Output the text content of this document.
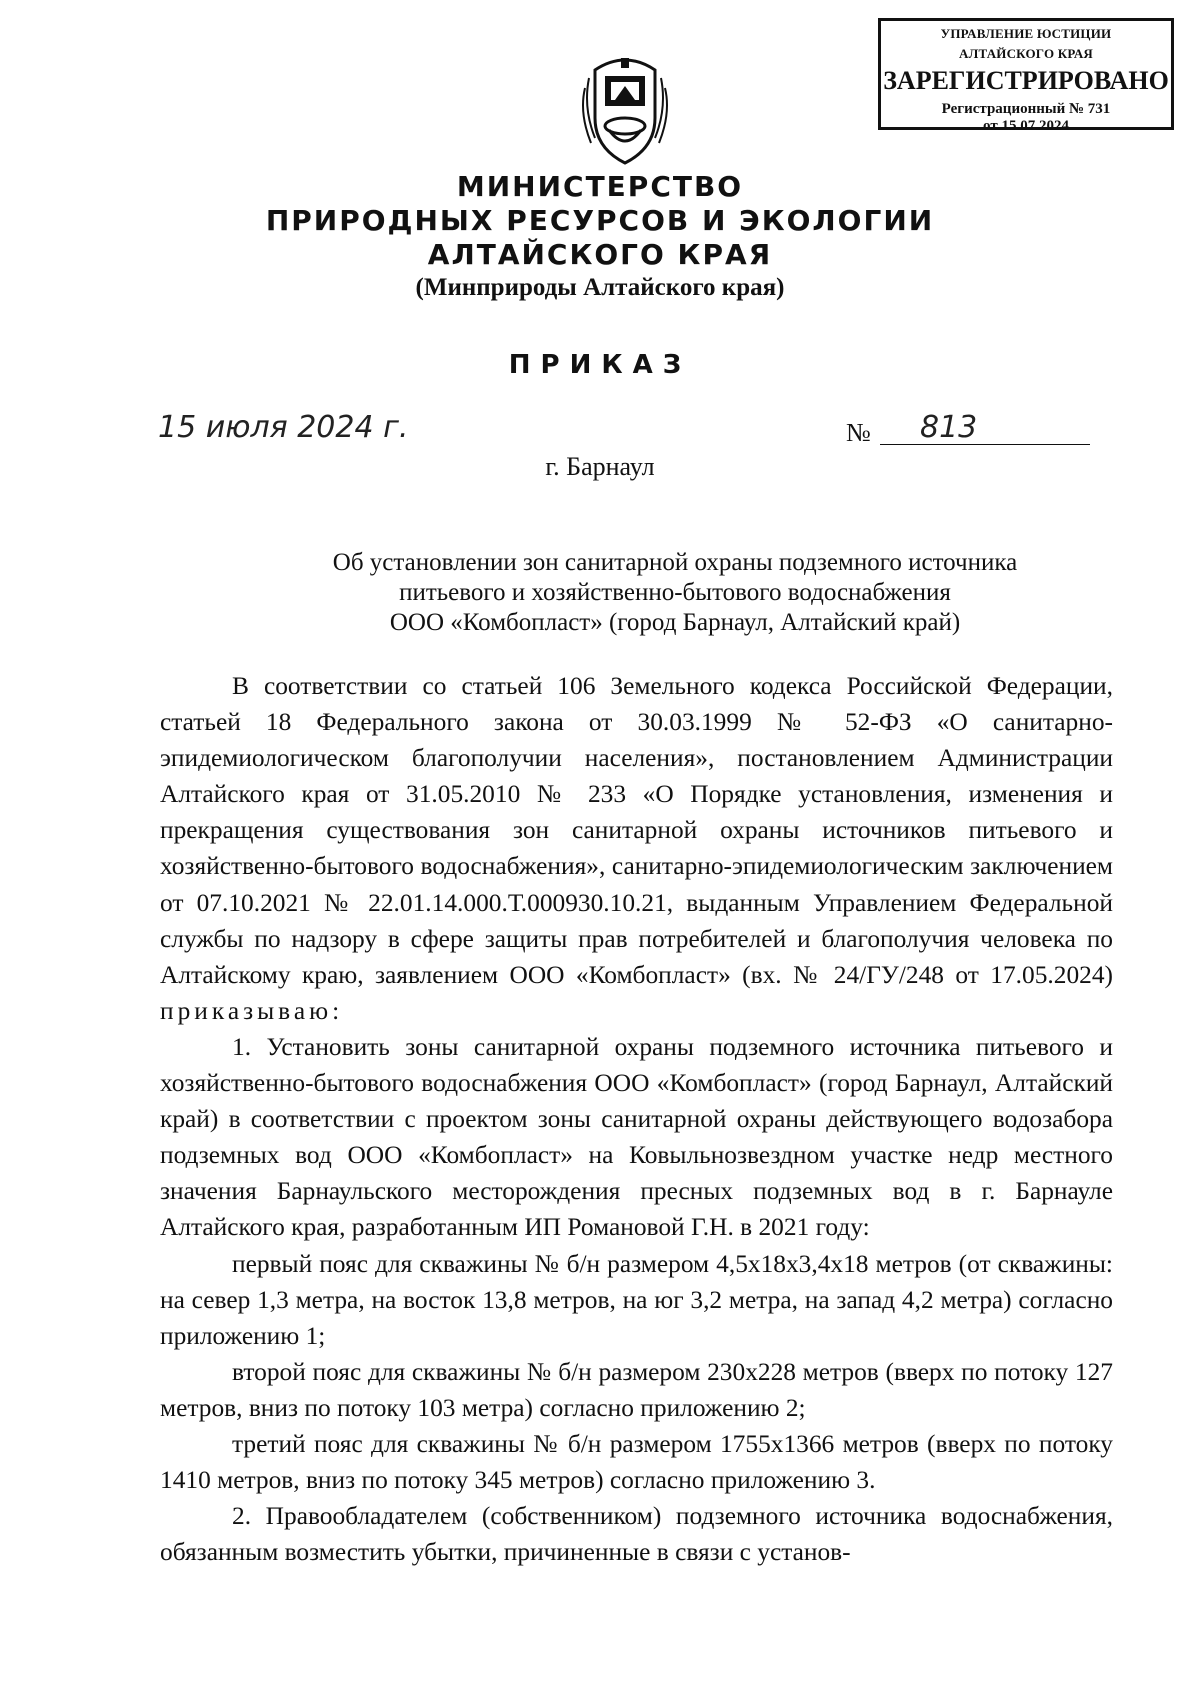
УПРАВЛЕНИЕ ЮСТИЦИИ
АЛТАЙСКОГО КРАЯ
ЗАРЕГИСТРИРОВАНО
Регистрационный № 731
от 15.07.2024
МИНИСТЕРСТВО
ПРИРОДНЫХ РЕСУРСОВ И ЭКОЛОГИИ
АЛТАЙСКОГО КРАЯ
(Минприроды Алтайского края)
ПРИКАЗ
15 июля 2024 г.	№ 813
г. Барнаул
Об установлении зон санитарной охраны подземного источника
питьевого и хозяйственно-бытового водоснабжения
ООО «Комбопласт» (город Барнаул, Алтайский край)

В соответствии со статьей 106 Земельного кодекса Российской Федерации, статьей 18 Федерального закона от 30.03.1999 № 52-ФЗ «О санитарно-эпидемиологическом благополучии населения», постановлением Администрации Алтайского края от 31.05.2010 № 233 «О Порядке установления, изменения и прекращения существования зон санитарной охраны источников питьевого и хозяйственно-бытового водоснабжения», санитарно-эпидемиологическим заключением от 07.10.2021 № 22.01.14.000.Т.000930.10.21, выданным Управлением Федеральной службы по надзору в сфере защиты прав потребителей и благополучия человека по Алтайскому краю, заявлением ООО «Комбопласт» (вх. № 24/ГУ/248 от 17.05.2024) приказываю:

1. Установить зоны санитарной охраны подземного источника питьевого и хозяйственно-бытового водоснабжения ООО «Комбопласт» (город Барнаул, Алтайский край) в соответствии с проектом зоны санитарной охраны действующего водозабора подземных вод ООО «Комбопласт» на Ковыльнозвездном участке недр местного значения Барнаульского месторождения пресных подземных вод в г. Барнауле Алтайского края, разработанным ИП Романовой Г.Н. в 2021 году:

первый пояс для скважины № б/н размером 4,5х18х3,4х18 метров (от скважины: на север 1,3 метра, на восток 13,8 метров, на юг 3,2 метра, на запад 4,2 метра) согласно приложению 1;

второй пояс для скважины № б/н размером 230х228 метров (вверх по потоку 127 метров, вниз по потоку 103 метра) согласно приложению 2;

третий пояс для скважины № б/н размером 1755х1366 метров (вверх по потоку 1410 метров, вниз по потоку 345 метров) согласно приложению 3.

2. Правообладателем (собственником) подземного источника водоснабжения, обязанным возместить убытки, причиненные в связи с установ-
